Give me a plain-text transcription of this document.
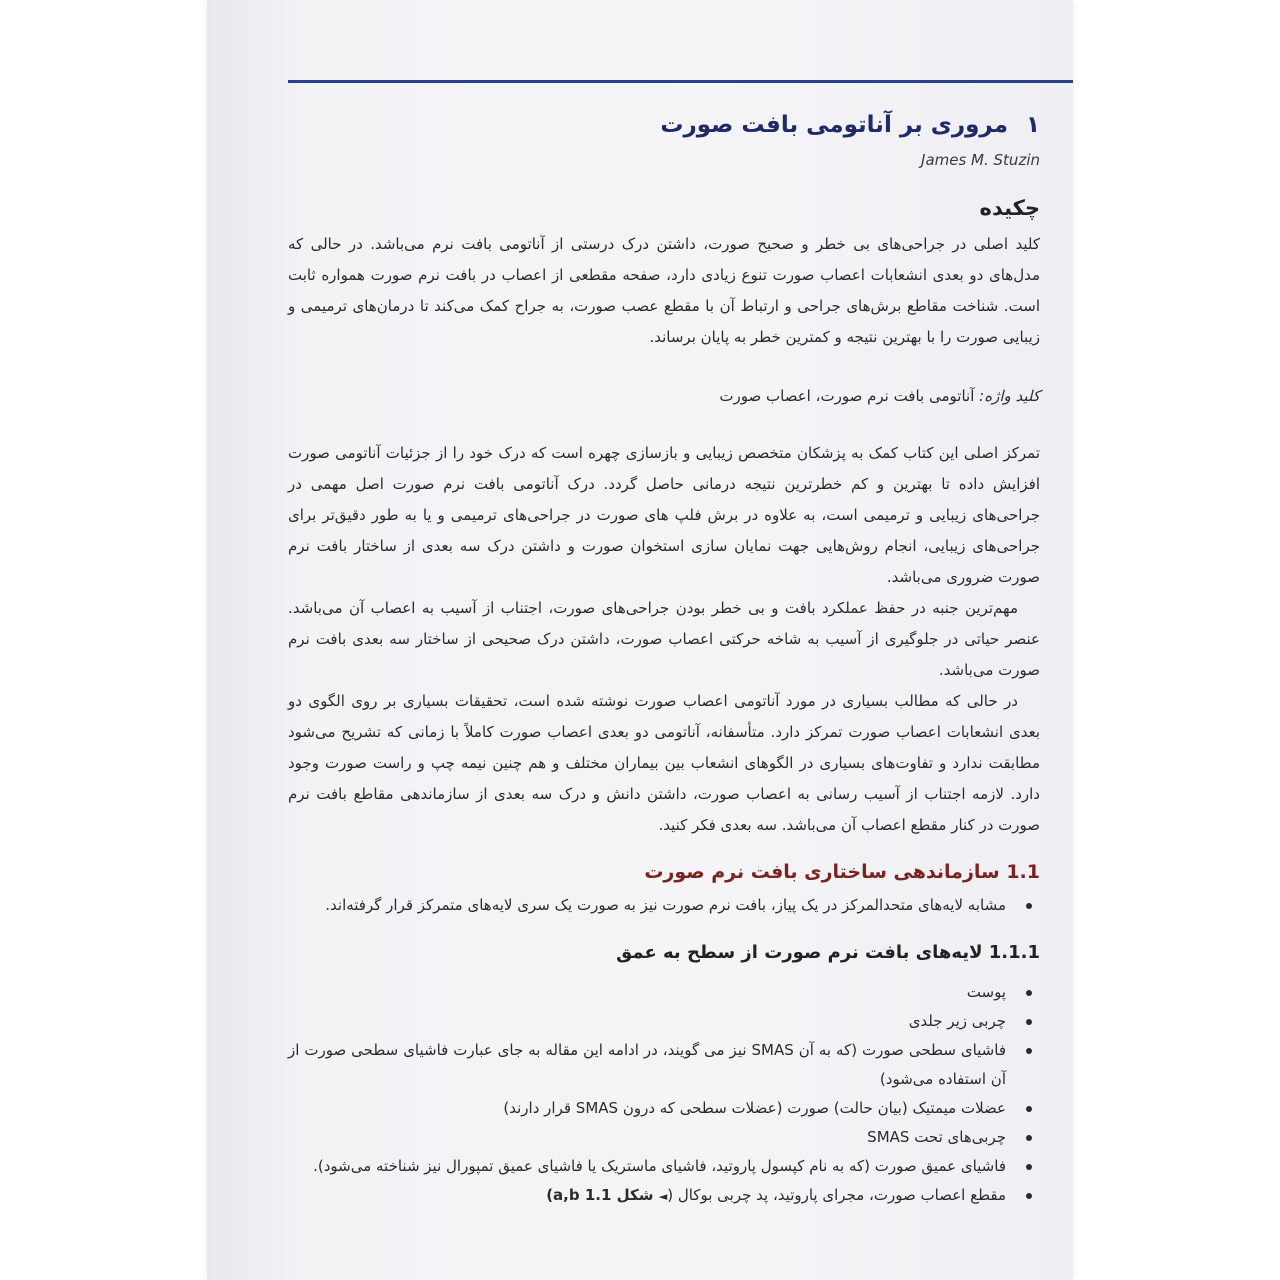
۱مروری بر آناتومی بافت صورت
James M. Stuzin
چکیده

کلید اصلی در جراحی‌های بی خطر و صحیح صورت، داشتن درک درستی از آناتومی بافت نرم می‌باشد. در حالی که مدل‌های دو بعدی انشعابات اعصاب صورت تنوع زیادی دارد، صفحه مقطعی از اعصاب در بافت نرم صورت همواره ثابت است. شناخت مقاطع برش‌های جراحی و ارتباط آن با مقطع عصب صورت، به جراح کمک می‌کند تا درمان‌های ترمیمی و زیبایی صورت را با بهترین نتیجه و کمترین خطر به پایان برساند.

کلید واژه: آناتومی بافت نرم صورت، اعصاب صورت

تمرکز اصلی این کتاب کمک به پزشکان متخصص زیبایی و بازسازی چهره است که درک خود را از جزئیات آناتومی صورت افزایش داده تا بهترین و کم خطرترین نتیجه درمانی حاصل گردد. درک آناتومی بافت نرم صورت اصل مهمی در جراحی‌های زیبایی و ترمیمی است، به علاوه در برش فلپ های صورت در جراحی‌های ترمیمی و یا به طور دقیق‌تر برای جراحی‌های زیبایی، انجام روش‌هایی جهت نمایان سازی استخوان صورت و داشتن درک سه بعدی از ساختار بافت نرم صورت ضروری می‌باشد.

مهم‌ترین جنبه در حفظ عملکرد بافت و بی خطر بودن جراحی‌های صورت، اجتناب از آسیب به اعصاب آن می‌باشد. عنصر حیاتی در جلوگیری از آسیب به شاخه حرکتی اعصاب صورت، داشتن درک صحیحی از ساختار سه بعدی بافت نرم صورت می‌باشد.

در حالی که مطالب بسیاری در مورد آناتومی اعصاب صورت نوشته شده است، تحقیقات بسیاری بر روی الگوی دو بعدی انشعابات اعصاب صورت تمرکز دارد. متأسفانه، آناتومی دو بعدی اعصاب صورت کاملاً با زمانی که تشریح می‌شود مطابقت ندارد و تفاوت‌های بسیاری در الگوهای انشعاب بین بیماران مختلف و هم چنین نیمه چپ و راست صورت وجود دارد. لازمه اجتناب از آسیب رسانی به اعصاب صورت، داشتن دانش و درک سه بعدی از سازماندهی مقاطع بافت نرم صورت در کنار مقطع اعصاب آن می‌باشد. سه بعدی فکر کنید.

1.1 سازماندهی ساختاری بافت نرم صورت
مشابه لایه‌های متحدالمرکز در یک پیاز، بافت نرم صورت نیز به صورت یک سری لایه‌های متمرکز قرار گرفته‌اند.
1.1.1 لایه‌های بافت نرم صورت از سطح به عمق
پوست
چربی زیر جلدی
فاشیای سطحی صورت (که به آن SMAS نیز می گویند، در ادامه این مقاله به جای عبارت فاشیای سطحی صورت از آن استفاده می‌شود)
عضلات میمتیک (بیان حالت) صورت (عضلات سطحی که درون SMAS قرار دارند)
چربی‌های تحت SMAS
فاشیای عمیق صورت (که به نام کپسول پاروتید، فاشیای ماستریک یا فاشیای عمیق تمپورال نیز شناخته می‌شود).
مقطع اعصاب صورت، مجرای پاروتید، پد چربی بوکال (◄ شکل 1.1 a,b)
